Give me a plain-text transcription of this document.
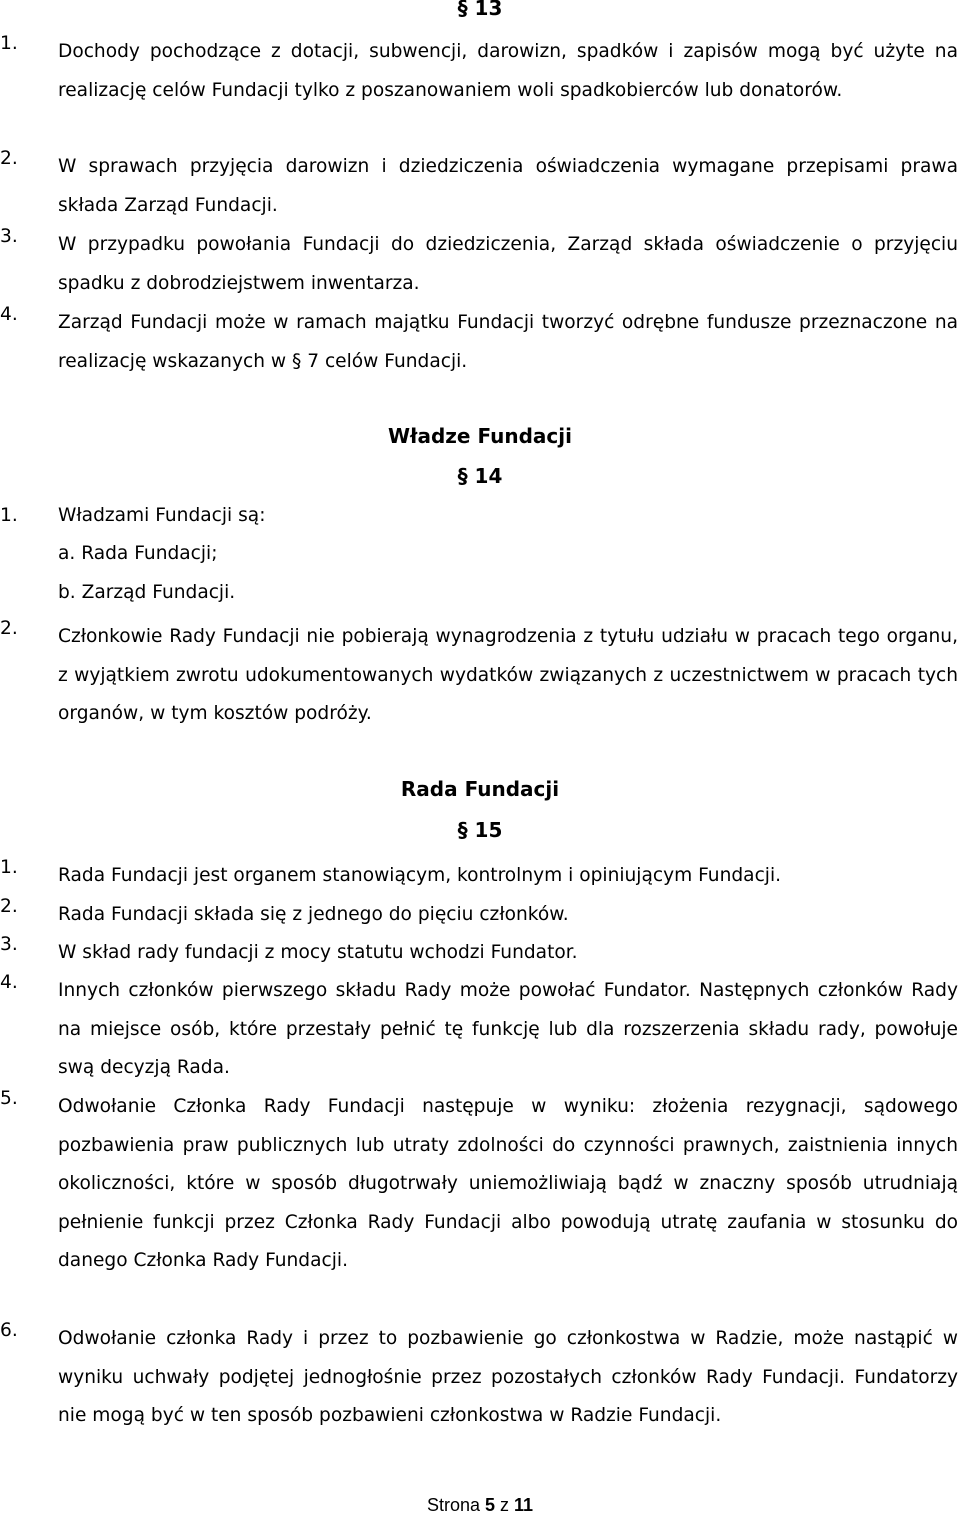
§ 13
1. Dochody pochodzące z dotacji, subwencji, darowizn, spadków i zapisów mogą być użyte na realizację celów Fundacji tylko z poszanowaniem woli spadkobierców lub donatorów.
2. W sprawach przyjęcia darowizn i dziedziczenia oświadczenia wymagane przepisami prawa składa Zarząd Fundacji.
3. W przypadku powołania Fundacji do dziedziczenia, Zarząd składa oświadczenie o przyjęciu spadku z dobrodziejstwem inwentarza.
4. Zarząd Fundacji może w ramach majątku Fundacji tworzyć odrębne fundusze przeznaczone na realizację wskazanych w § 7 celów Fundacji.
Władze Fundacji
§ 14
1. Władzami Fundacji są:
a. Rada Fundacji;
b. Zarząd Fundacji.
2. Członkowie Rady Fundacji nie pobierają wynagrodzenia z tytułu udziału w pracach tego organu, z wyjątkiem zwrotu udokumentowanych wydatków związanych z uczestnictwem w pracach tych organów, w tym kosztów podróży.
Rada Fundacji
§ 15
1. Rada Fundacji jest organem stanowiącym, kontrolnym i opiniującym Fundacji.
2. Rada Fundacji składa się z jednego do pięciu członków.
3. W skład rady fundacji z mocy statutu wchodzi Fundator.
4. Innych członków pierwszego składu Rady może powołać Fundator. Następnych członków Rady na miejsce osób, które przestały pełnić tę funkcję lub dla rozszerzenia składu rady, powołuje swą decyzją Rada.
5. Odwołanie Członka Rady Fundacji następuje w wyniku: złożenia rezygnacji, sądowego pozbawienia praw publicznych lub utraty zdolności do czynności prawnych, zaistnienia innych okoliczności, które w sposób długotrwały uniemożliwiają bądź w znaczny sposób utrudniają pełnienie funkcji przez Członka Rady Fundacji albo powodują utratę zaufania w stosunku do danego Członka Rady Fundacji.
6. Odwołanie członka Rady i przez to pozbawienie go członkostwa w Radzie, może nastąpić w wyniku uchwały podjętej jednogłośnie przez pozostałych członków Rady Fundacji. Fundatorzy nie mogą być w ten sposób pozbawieni członkostwa w Radzie Fundacji.
Strona 5 z 11
